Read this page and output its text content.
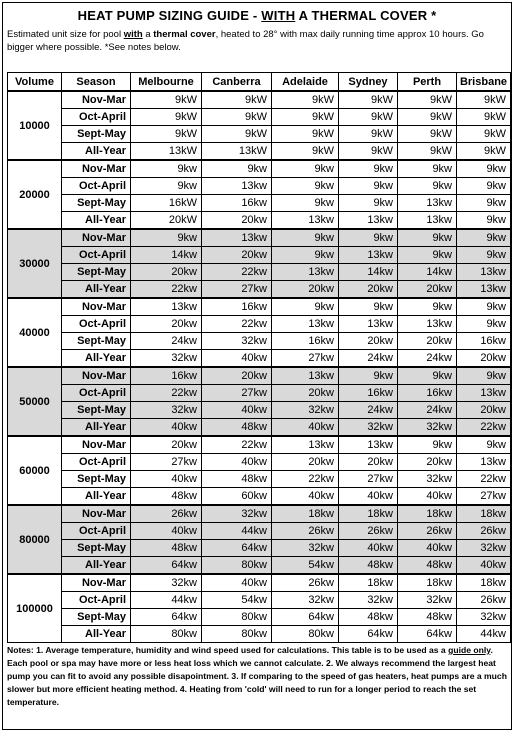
HEAT PUMP SIZING GUIDE - WITH A THERMAL COVER *
Estimated unit size for pool with a thermal cover, heated to 28° with max daily running time approx 10 hours. Go bigger where possible. *See notes below.
Volume	Season	Melbourne	Canberra	Adelaide	Sydney	Perth	Brisbane
10000	Nov-Mar	9kW	9kW	9kW	9kW	9kW	9kW
	Oct-April	9kW	9kW	9kW	9kW	9kW	9kW
	Sept-May	9kW	9kW	9kW	9kW	9kW	9kW
	All-Year	13kW	13kW	9kW	9kW	9kW	9kW
20000	Nov-Mar	9kw	9kw	9kw	9kw	9kw	9kw
	Oct-April	9kw	13kw	9kw	9kw	9kw	9kw
	Sept-May	16kW	16kw	9kw	9kw	13kw	9kw
	All-Year	20kW	20kw	13kw	13kw	13kw	9kw
30000	Nov-Mar	9kw	13kw	9kw	9kw	9kw	9kw
	Oct-April	14kw	20kw	9kw	13kw	9kw	9kw
	Sept-May	20kw	22kw	13kw	14kw	14kw	13kw
	All-Year	22kw	27kw	20kw	20kw	20kw	13kw
40000	Nov-Mar	13kw	16kw	9kw	9kw	9kw	9kw
	Oct-April	20kw	22kw	13kw	13kw	13kw	9kw
	Sept-May	24kw	32kw	16kw	20kw	20kw	16kw
	All-Year	32kw	40kw	27kw	24kw	24kw	20kw
50000	Nov-Mar	16kw	20kw	13kw	9kw	9kw	9kw
	Oct-April	22kw	27kw	20kw	16kw	16kw	13kw
	Sept-May	32kw	40kw	32kw	24kw	24kw	20kw
	All-Year	40kw	48kw	40kw	32kw	32kw	22kw
60000	Nov-Mar	20kw	22kw	13kw	13kw	9kw	9kw
	Oct-April	27kw	40kw	20kw	20kw	20kw	13kw
	Sept-May	40kw	48kw	22kw	27kw	32kw	22kw
	All-Year	48kw	60kw	40kw	40kw	40kw	27kw
80000	Nov-Mar	26kw	32kw	18kw	18kw	18kw	18kw
	Oct-April	40kw	44kw	26kw	26kw	26kw	26kw
	Sept-May	48kw	64kw	32kw	40kw	40kw	32kw
	All-Year	64kw	80kw	54kw	48kw	48kw	40kw
100000	Nov-Mar	32kw	40kw	26kw	18kw	18kw	18kw
	Oct-April	44kw	54kw	32kw	32kw	32kw	26kw
	Sept-May	64kw	80kw	64kw	48kw	48kw	32kw
	All-Year	80kw	80kw	80kw	64kw	64kw	44kw
Notes: 1. Average temperature, humidity and wind speed used for calculations. This table is to be used as a guide only. Each pool or spa may have more or less heat loss which we cannot calculate. 2. We always recommend the largest heat pump you can fit to avoid any possible disapointment. 3. If comparing to the speed of gas heaters, heat pumps are a much slower but more efficient heating method. 4. Heating from 'cold' will need to run for a longer period to reach the set temperature.
